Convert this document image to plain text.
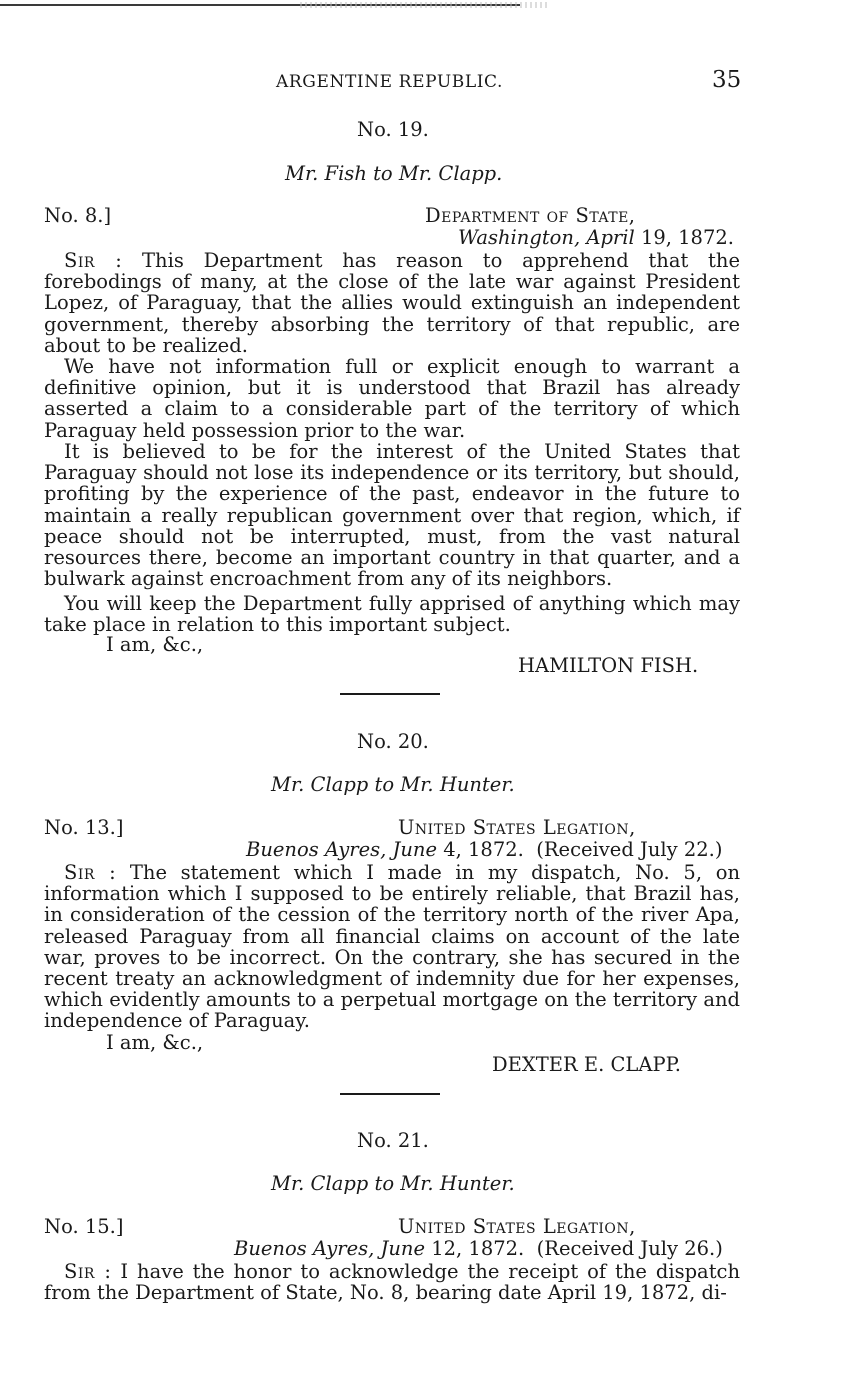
ARGENTINE REPUBLIC.	35
No. 19.
Mr. Fish to Mr. Clapp.
No. 8.]	Department of State,
Washington, April 19, 1872.
Sir : This Department has reason to apprehend that the forebodings of many, at the close of the late war against President Lopez, of Paraguay, that the allies would extinguish an independent government, thereby absorbing the territory of that republic, are about to be realized.
We have not information full or explicit enough to warrant a definitive opinion, but it is understood that Brazil has already asserted a claim to a considerable part of the territory of which Paraguay held possession prior to the war.
It is believed to be for the interest of the United States that Paraguay should not lose its independence or its territory, but should, profiting by the experience of the past, endeavor in the future to maintain a really republican government over that region, which, if peace should not be interrupted, must, from the vast natural resources there, become an important country in that quarter, and a bulwark against encroachment from any of its neighbors.
You will keep the Department fully apprised of anything which may take place in relation to this important subject.
I am, &c.,
HAMILTON FISH.
No. 20.
Mr. Clapp to Mr. Hunter.
No. 13.]	United States Legation,
Buenos Ayres, June 4, 1872. (Received July 22.)
Sir : The statement which I made in my dispatch, No. 5, on information which I supposed to be entirely reliable, that Brazil has, in consideration of the cession of the territory north of the river Apa, released Paraguay from all financial claims on account of the late war, proves to be incorrect. On the contrary, she has secured in the recent treaty an acknowledgment of indemnity due for her expenses, which evidently amounts to a perpetual mortgage on the territory and independence of Paraguay.
I am, &c.,
DEXTER E. CLAPP.
No. 21.
Mr. Clapp to Mr. Hunter.
No. 15.]	United States Legation,
Buenos Ayres, June 12, 1872. (Received July 26.)
Sir : I have the honor to acknowledge the receipt of the dispatch from the Department of State, No. 8, bearing date April 19, 1872, di-
